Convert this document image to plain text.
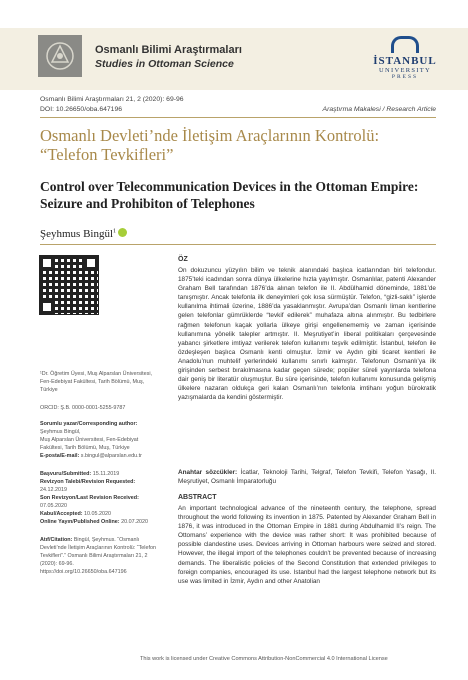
Osmanlı Bilimi Araştırmaları
Studies in Ottoman Science	İSTANBUL
UNIVERSITY
PRESS
Osmanlı Bilimi Araştırmaları 21, 2 (2020): 69-96
DOI: 10.26650/oba.647196	Araştırma Makalesi / Research Article
Osmanlı Devleti’nde İletişim Araçlarının Kontrolü:
“Telefon Tevkifleri”
Control over Telecommunication Devices in the Ottoman Empire:
Seizure and Prohibiton of Telephones
Şeyhmus Bingül$^1$
¹Dr. Öğretim Üyesi, Muş Alparslan Üniversitesi, Fen-Edebiyat Fakültesi, Tarih Bölümü, Muş, Türkiye
ORCID: Ş.B. 0000-0001-5255-9787
Sorumlu yazar/Corresponding author:
Şeyhmus Bingül,
Muş Alparslan Üniversitesi, Fen-Edebiyat Fakültesi, Tarih Bölümü, Muş, Türkiye
E-posta/E-mail: s.bingul@alparslan.edu.tr
Başvuru/Submitted: 15.11.2019
Revizyon Talebi/Revision Requested:
24.12.2019
Son Revizyon/Last Revision Received:
07.05.2020
Kabul/Accepted: 10.05.2020
Online Yayın/Published Online: 20.07.2020
Atıf/Citation: Bingül, Şeyhmus. “Osmanlı Devleti’nde İletişim Araçlarının Kontrolü: “Telefon Tevkifleri”.” Osmanlı Bilimi Araştırmaları 21, 2 (2020): 69-96. https://doi.org/10.26650/oba.647196
ÖZ
On dokuzuncu yüzyılın bilim ve teknik alanındaki başlıca icatlarından biri telefondur. 1875’teki icadından sonra dünya ülkelerine hızla yayılmıştır. Osmanlılar, patenti Alexander Graham Bell tarafından 1876’da alınan telefon ile II. Abdülhamid döneminde, 1881’de tanışmıştır. Ancak telefonla ilk deneyimleri çok kısa sürmüştür. Telefon, “gizli-saklı” işlerde kullanılma ihtimali üzerine, 1886’da yasaklanmıştır. Avrupa’dan Osmanlı liman kentlerine gelen telefonlar gümrüklerde “tevkif edilerek” muhafaza altına alınmıştır. Bu tedbirlere rağmen telefonun kaçak yollarla ülkeye girişi engellenememiş ve zaman içerisinde kullanımına yönelik talepler artmıştır. II. Meşrutiyet’in liberal politikaları çerçevesinde yabancı şirketlere imtiyaz verilerek telefon kullanımı teşvik edilmiştir. İstanbul, telefon ile özdeşleşen başlıca Osmanlı kenti olmuştur. İzmir ve Aydın gibi ticaret kentleri ile Anadolu’nun muhtelif yerlerindeki kullanımı sınırlı kalmıştır. Telefonun Osmanlı’ya ilk girişinden serbest bırakılmasına kadar geçen sürede; popüler süreli yayınlarda telefona dair geniş bir literatür oluşmuştur. Bu süre içerisinde, telefon kullanımı konusunda gelişmiş ülkelere nazaran oldukça geri kalan Osmanlı’nın telefonla imtihanı yoğun bürokratik yazışmalarda da kendini göstermiştir.
Anahtar sözcükler: İcatlar, Teknoloji Tarihi, Telgraf, Telefon Tevkifi, Telefon Yasağı, II. Meşrutiyet, Osmanlı İmparatorluğu
ABSTRACT
An important technological advance of the nineteenth century, the telephone, spread throughout the world following its invention in 1875. Patented by Alexander Graham Bell in 1876, it was introduced in the Ottoman Empire in 1881 during Abdulhamid II’s reign. The Ottomans’ experience with the device was rather short: It was prohibited because of possible clandestine uses. Devices arriving in Ottoman harbours were seized and stored. However, the illegal import of the telephones couldn’t be prevented because of increasing demands. The liberalistic policies of the Second Constitution that extended privileges to foreign companies, encouraged its use. Istanbul had the largest telephone network but its use was limited in İzmir, Aydın and other Anatolian
This work is licensed under Creative Commons Attribution-NonCommercial 4.0 International License
